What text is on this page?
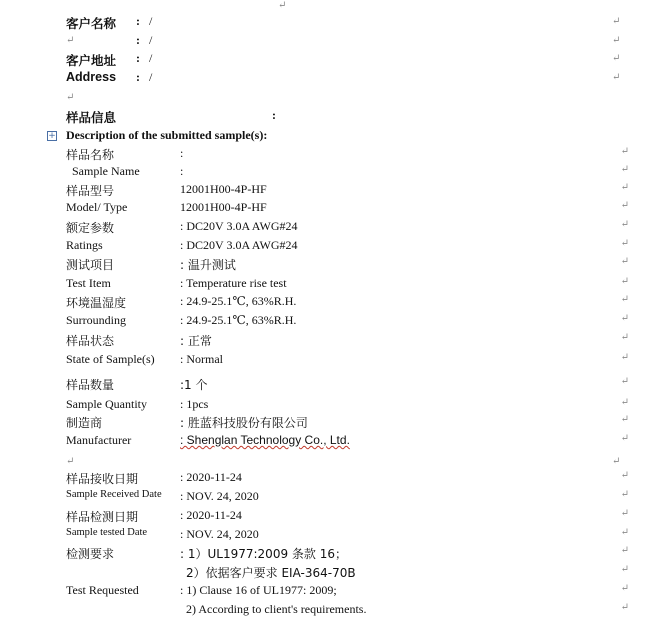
↵
客户名称 : /	↵
↵	: /	↵
客户地址 : /	↵
Address : /	↵
↵
样品信息	:
+ Description of the submitted sample(s):
样品名称	:	↵
Sample Name	:	↵
样品型号	12001H00-4P-HF	↵
Model/ Type	12001H00-4P-HF	↵
额定参数	: DC20V 3.0A AWG#24	↵
Ratings	: DC20V 3.0A AWG#24	↵
测试项目	: 温升测试	↵
Test Item	: Temperature rise test	↵
环境温湿度	: 24.9-25.1℃, 63%R.H.	↵
Surrounding	: 24.9-25.1℃, 63%R.H.	↵
样品状态	: 正常	↵
State of Sample(s) : Normal	↵
样品数量	:1 个	↵
Sample Quantity	: 1pcs	↵
制造商	: 胜蓝科技股份有限公司	↵
Manufacturer	: Shenglan Technology Co., Ltd.	↵
样品接收日期	: 2020-11-24	↵
Sample Received Date : NOV. 24, 2020	↵
样品检测日期	: 2020-11-24	↵
Sample tested Date	: NOV. 24, 2020	↵
检测要求	: 1）UL1977:2009 条款 16；	↵
2）依据客户要求 EIA-364-70B	↵
Test Requested	: 1) Clause 16 of UL1977: 2009;	↵
2) According to client's requirements.	↵
↵	↵
